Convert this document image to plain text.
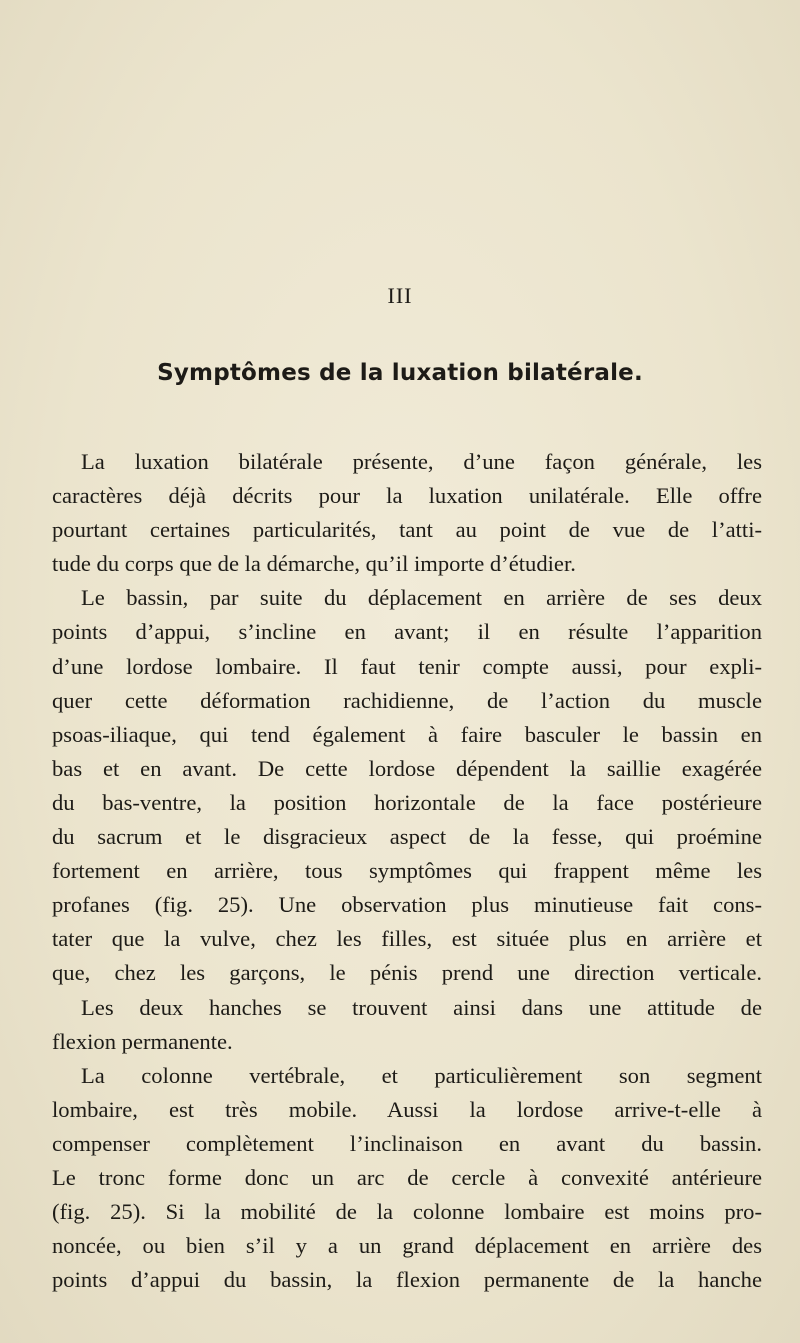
III
Symptômes de la luxation bilatérale.
La luxation bilatérale présente, d’une façon générale, les
caractères déjà décrits pour la luxation unilatérale. Elle offre
pourtant certaines particularités, tant au point de vue de l’atti-
tude du corps que de la démarche, qu’il importe d’étudier.
Le bassin, par suite du déplacement en arrière de ses deux
points d’appui, s’incline en avant; il en résulte l’apparition
d’une lordose lombaire. Il faut tenir compte aussi, pour expli-
quer cette déformation rachidienne, de l’action du muscle
psoas-iliaque, qui tend également à faire basculer le bassin en
bas et en avant. De cette lordose dépendent la saillie exagérée
du bas-ventre, la position horizontale de la face postérieure
du sacrum et le disgracieux aspect de la fesse, qui proémine
fortement en arrière, tous symptômes qui frappent même les
profanes (fig. 25). Une observation plus minutieuse fait cons-
tater que la vulve, chez les filles, est située plus en arrière et
que, chez les garçons, le pénis prend une direction verticale.
Les deux hanches se trouvent ainsi dans une attitude de
flexion permanente.
La colonne vertébrale, et particulièrement son segment
lombaire, est très mobile. Aussi la lordose arrive-t-elle à
compenser complètement l’inclinaison en avant du bassin.
Le tronc forme donc un arc de cercle à convexité antérieure
(fig. 25). Si la mobilité de la colonne lombaire est moins pro-
noncée, ou bien s’il y a un grand déplacement en arrière des
points d’appui du bassin, la flexion permanente de la hanche
